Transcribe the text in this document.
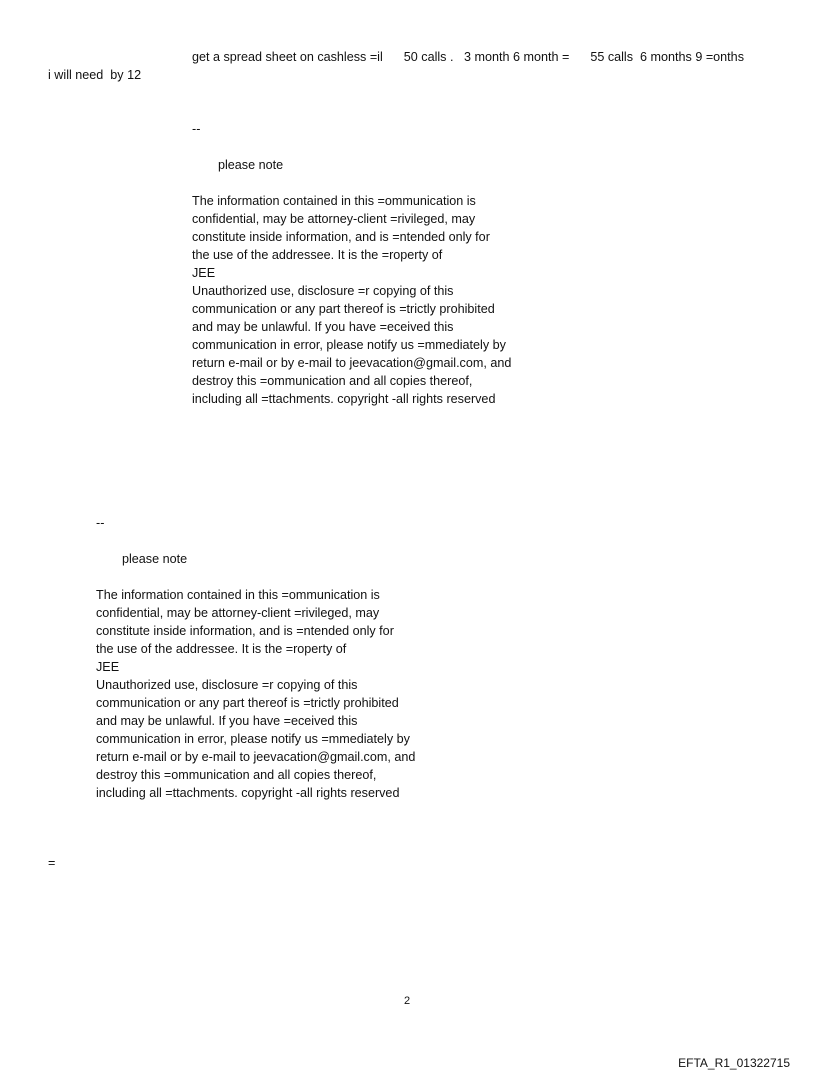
get a spread sheet on cashless =il      50 calls .   3 month 6 month =      55 calls  6 months 9 =onths
i will need  by 12
--
please note
The information contained in this =ommunication is
confidential, may be attorney-client =rivileged, may
constitute inside information, and is =ntended only for
the use of the addressee. It is the =roperty of
JEE
Unauthorized use, disclosure =r copying of this
communication or any part thereof is =trictly prohibited
and may be unlawful. If you have =eceived this
communication in error, please notify us =mmediately by
return e-mail or by e-mail to jeevacation@gmail.com, and
destroy this =ommunication and all copies thereof,
including all =ttachments. copyright -all rights reserved
--
please note
The information contained in this =ommunication is
confidential, may be attorney-client =rivileged, may
constitute inside information, and is =ntended only for
the use of the addressee. It is the =roperty of
JEE
Unauthorized use, disclosure =r copying of this
communication or any part thereof is =trictly prohibited
and may be unlawful. If you have =eceived this
communication in error, please notify us =mmediately by
return e-mail or by e-mail to jeevacation@gmail.com, and
destroy this =ommunication and all copies thereof,
including all =ttachments. copyright -all rights reserved
=
2
EFTA_R1_01322715
